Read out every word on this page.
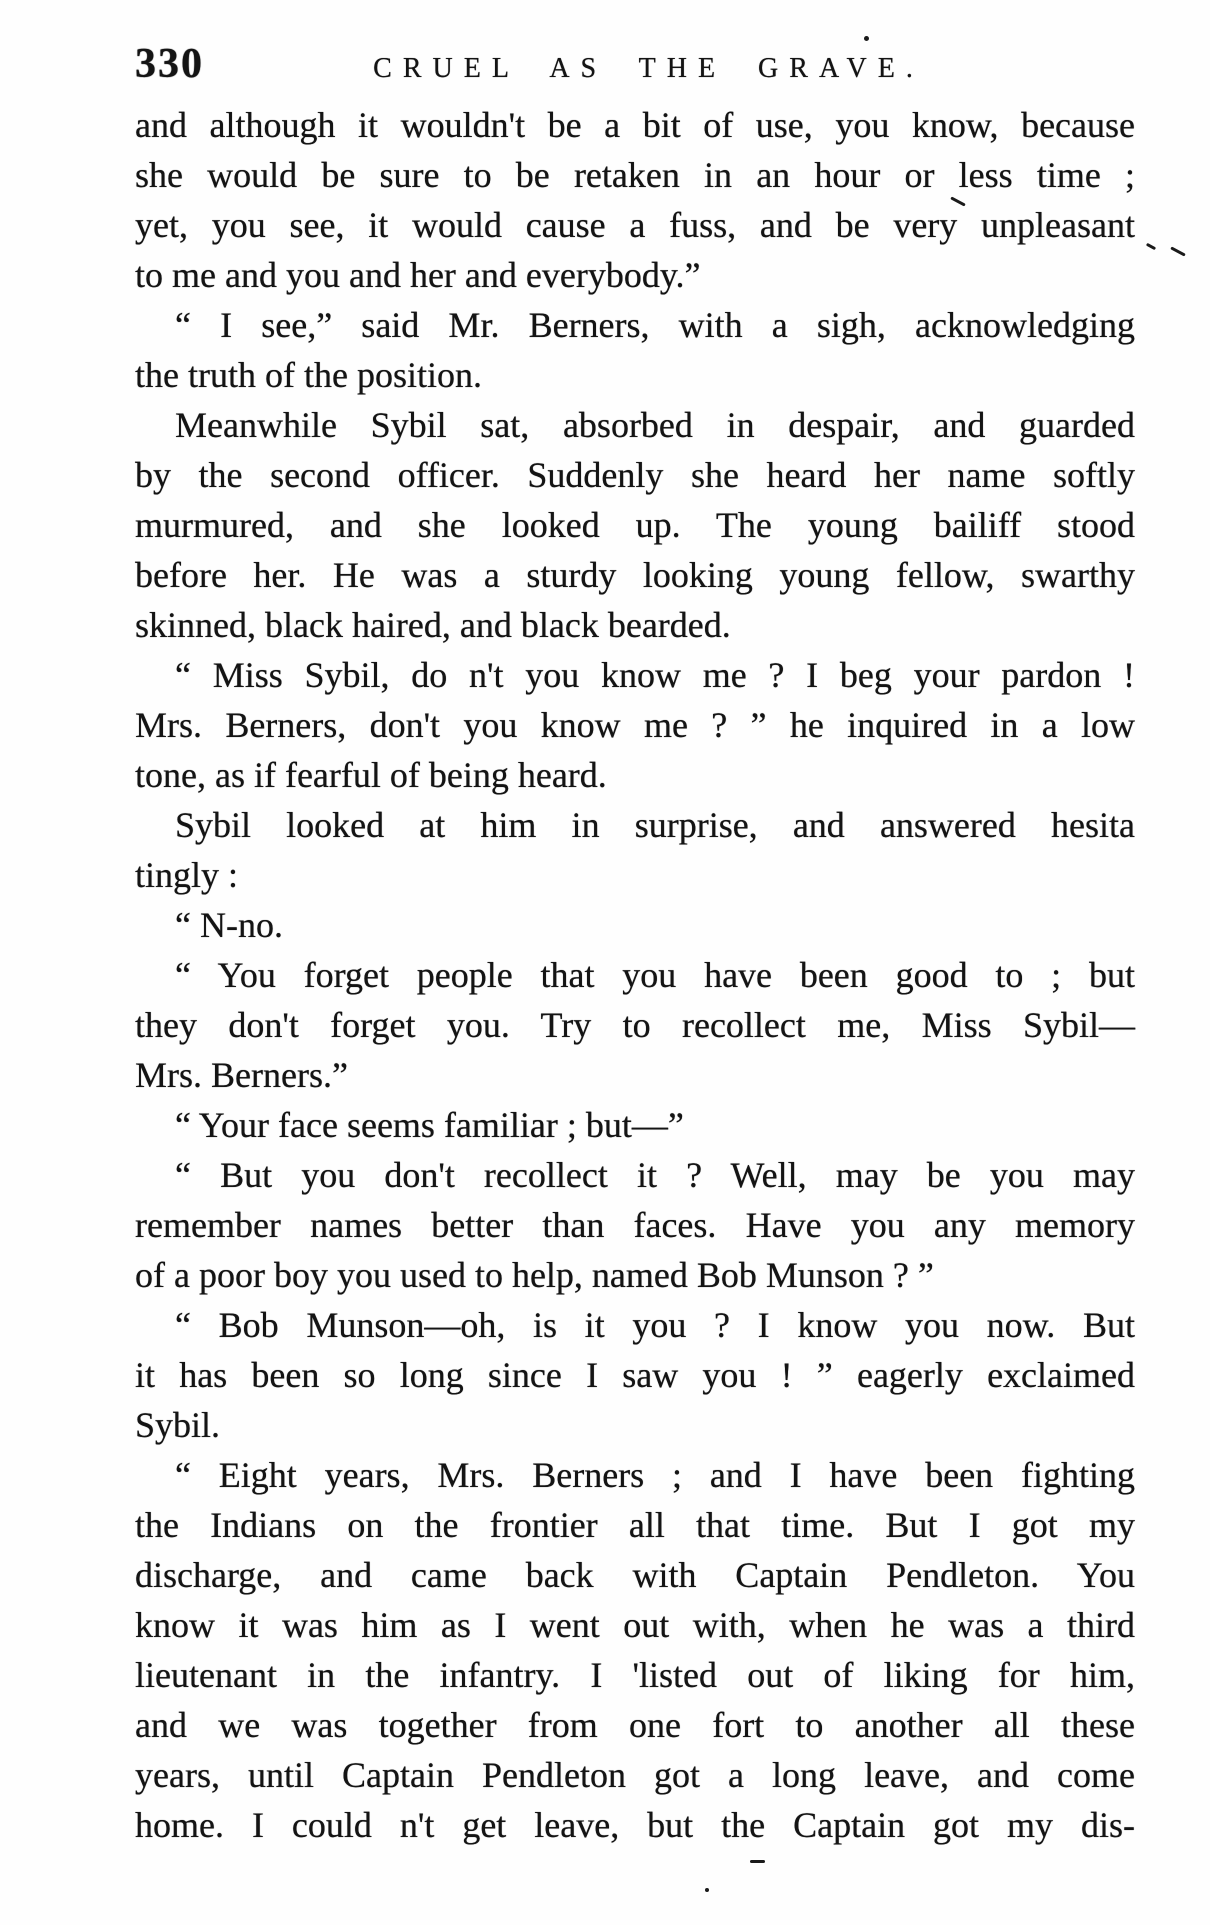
330	CRUEL AS THE GRAVE.
and although it wouldn't be a bit of use, you know, because
she would be sure to be retaken in an hour or less time ;
yet, you see, it would cause a fuss, and be very unpleasant
to me and you and her and everybody.”
“ I see,” said Mr. Berners, with a sigh, acknowledging
the truth of the position.
Meanwhile Sybil sat, absorbed in despair, and guarded
by the second officer. Suddenly she heard her name softly
murmured, and she looked up. The young bailiff stood
before her. He was a sturdy looking young fellow, swarthy
skinned, black haired, and black bearded.
“ Miss Sybil, do n't you know me ? I beg your pardon !
Mrs. Berners, don't you know me ? ” he inquired in a low
tone, as if fearful of being heard.
Sybil looked at him in surprise, and answered hesita
tingly :
“ N-no.
“ You forget people that you have been good to ; but
they don't forget you. Try to recollect me, Miss Sybil—
Mrs. Berners.”
“ Your face seems familiar ; but—”
“ But you don't recollect it ? Well, may be you may
remember names better than faces. Have you any memory
of a poor boy you used to help, named Bob Munson ? ”
“ Bob Munson—oh, is it you ? I know you now. But
it has been so long since I saw you ! ” eagerly exclaimed
Sybil.
“ Eight years, Mrs. Berners ; and I have been fighting
the Indians on the frontier all that time. But I got my
discharge, and came back with Captain Pendleton. You
know it was him as I went out with, when he was a third
lieutenant in the infantry. I 'listed out of liking for him,
and we was together from one fort to another all these
years, until Captain Pendleton got a long leave, and come
home. I could n't get leave, but the Captain got my dis-
